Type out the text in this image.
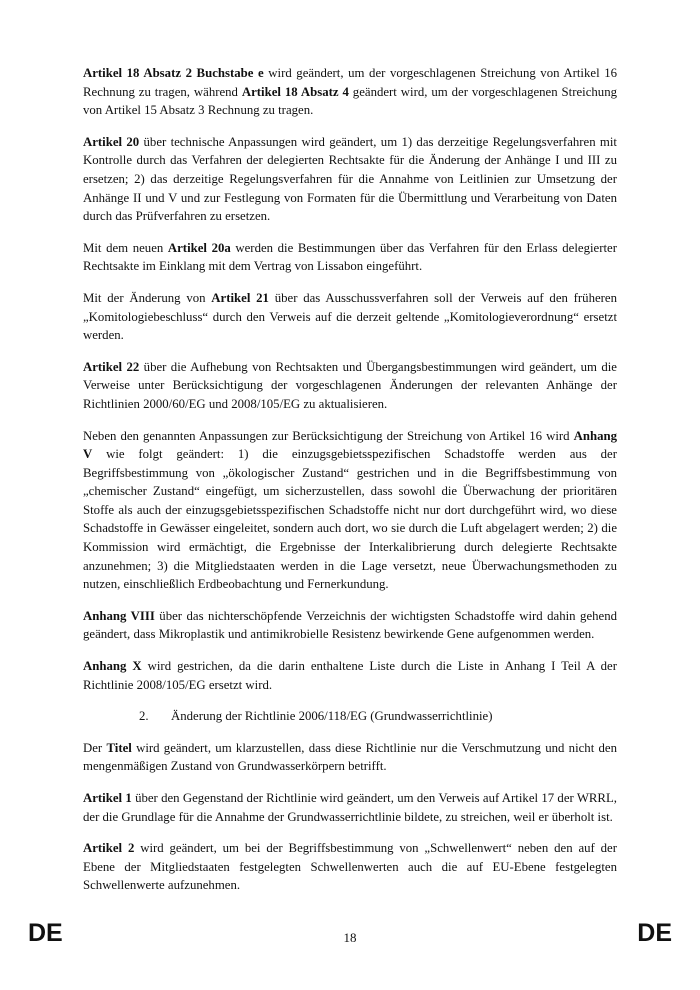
Artikel 18 Absatz 2 Buchstabe e wird geändert, um der vorgeschlagenen Streichung von Artikel 16 Rechnung zu tragen, während Artikel 18 Absatz 4 geändert wird, um der vorgeschlagenen Streichung von Artikel 15 Absatz 3 Rechnung zu tragen.

Artikel 20 über technische Anpassungen wird geändert, um 1) das derzeitige Regelungsverfahren mit Kontrolle durch das Verfahren der delegierten Rechtsakte für die Änderung der Anhänge I und III zu ersetzen; 2) das derzeitige Regelungsverfahren für die Annahme von Leitlinien zur Umsetzung der Anhänge II und V und zur Festlegung von Formaten für die Übermittlung und Verarbeitung von Daten durch das Prüfverfahren zu ersetzen.

Mit dem neuen Artikel 20a werden die Bestimmungen über das Verfahren für den Erlass delegierter Rechtsakte im Einklang mit dem Vertrag von Lissabon eingeführt.

Mit der Änderung von Artikel 21 über das Ausschussverfahren soll der Verweis auf den früheren „Komitologiebeschluss“ durch den Verweis auf die derzeit geltende „Komitologieverordnung“ ersetzt werden.

Artikel 22 über die Aufhebung von Rechtsakten und Übergangsbestimmungen wird geändert, um die Verweise unter Berücksichtigung der vorgeschlagenen Änderungen der relevanten Anhänge der Richtlinien 2000/60/EG und 2008/105/EG zu aktualisieren.

Neben den genannten Anpassungen zur Berücksichtigung der Streichung von Artikel 16 wird Anhang V wie folgt geändert: 1) die einzugsgebietsspezifischen Schadstoffe werden aus der Begriffsbestimmung von „ökologischer Zustand“ gestrichen und in die Begriffsbestimmung von „chemischer Zustand“ eingefügt, um sicherzustellen, dass sowohl die Überwachung der prioritären Stoffe als auch der einzugsgebietsspezifischen Schadstoffe nicht nur dort durchgeführt wird, wo diese Schadstoffe in Gewässer eingeleitet, sondern auch dort, wo sie durch die Luft abgelagert werden; 2) die Kommission wird ermächtigt, die Ergebnisse der Interkalibrierung durch delegierte Rechtsakte anzunehmen; 3) die Mitgliedstaaten werden in die Lage versetzt, neue Überwachungsmethoden zu nutzen, einschließlich Erdbeobachtung und Fernerkundung.

Anhang VIII über das nichterschöpfende Verzeichnis der wichtigsten Schadstoffe wird dahin gehend geändert, dass Mikroplastik und antimikrobielle Resistenz bewirkende Gene aufgenommen werden.

Anhang X wird gestrichen, da die darin enthaltene Liste durch die Liste in Anhang I Teil A der Richtlinie 2008/105/EG ersetzt wird.

2. Änderung der Richtlinie 2006/118/EG (Grundwasserrichtlinie)

Der Titel wird geändert, um klarzustellen, dass diese Richtlinie nur die Verschmutzung und nicht den mengenmäßigen Zustand von Grundwasserkörpern betrifft.

Artikel 1 über den Gegenstand der Richtlinie wird geändert, um den Verweis auf Artikel 17 der WRRL, der die Grundlage für die Annahme der Grundwasserrichtlinie bildete, zu streichen, weil er überholt ist.

Artikel 2 wird geändert, um bei der Begriffsbestimmung von „Schwellenwert“ neben den auf der Ebene der Mitgliedstaaten festgelegten Schwellenwerten auch die auf EU-Ebene festgelegten Schwellenwerte aufzunehmen.

DE	18	DE
